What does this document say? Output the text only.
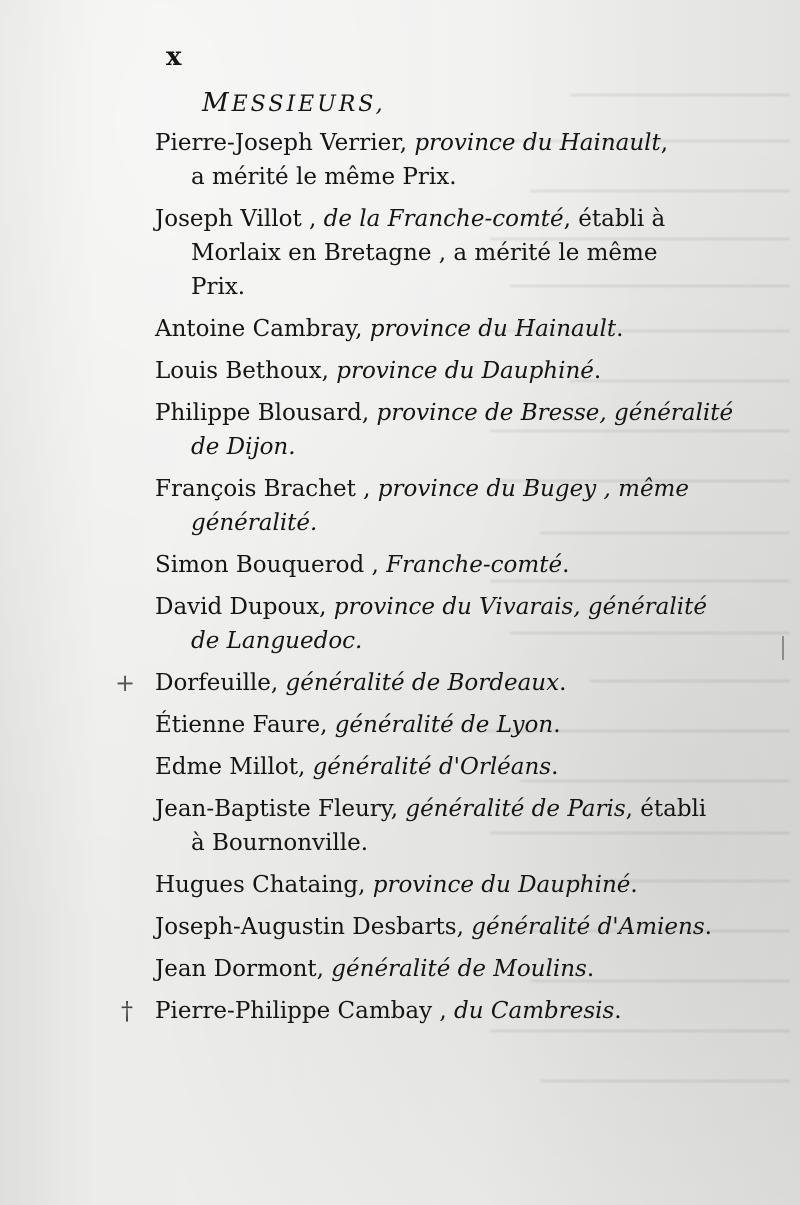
x
MESSIEURS,
Pierre-Joseph Verrier, province du Hainault,
a mérité le même Prix.
Joseph Villot , de la Franche-comté, établi à
Morlaix en Bretagne , a mérité le même
Prix.
Antoine Cambray, province du Hainault.
Louis Bethoux, province du Dauphiné.
Philippe Blousard, province de Bresse, généralité
de Dijon.
François Brachet , province du Bugey , même
généralité.
Simon Bouquerod , Franche-comté.
David Dupoux, province du Vivarais, généralité
de Languedoc.
+ Dorfeuille, généralité de Bordeaux.
Étienne Faure, généralité de Lyon.
Edme Millot, généralité d'Orléans.
Jean-Baptiste Fleury, généralité de Paris, établi
à Bournonville.
Hugues Chataing, province du Dauphiné.
Joseph-Augustin Desbarts, généralité d'Amiens.
Jean Dormont, généralité de Moulins.
† Pierre-Philippe Cambay , du Cambresis.
